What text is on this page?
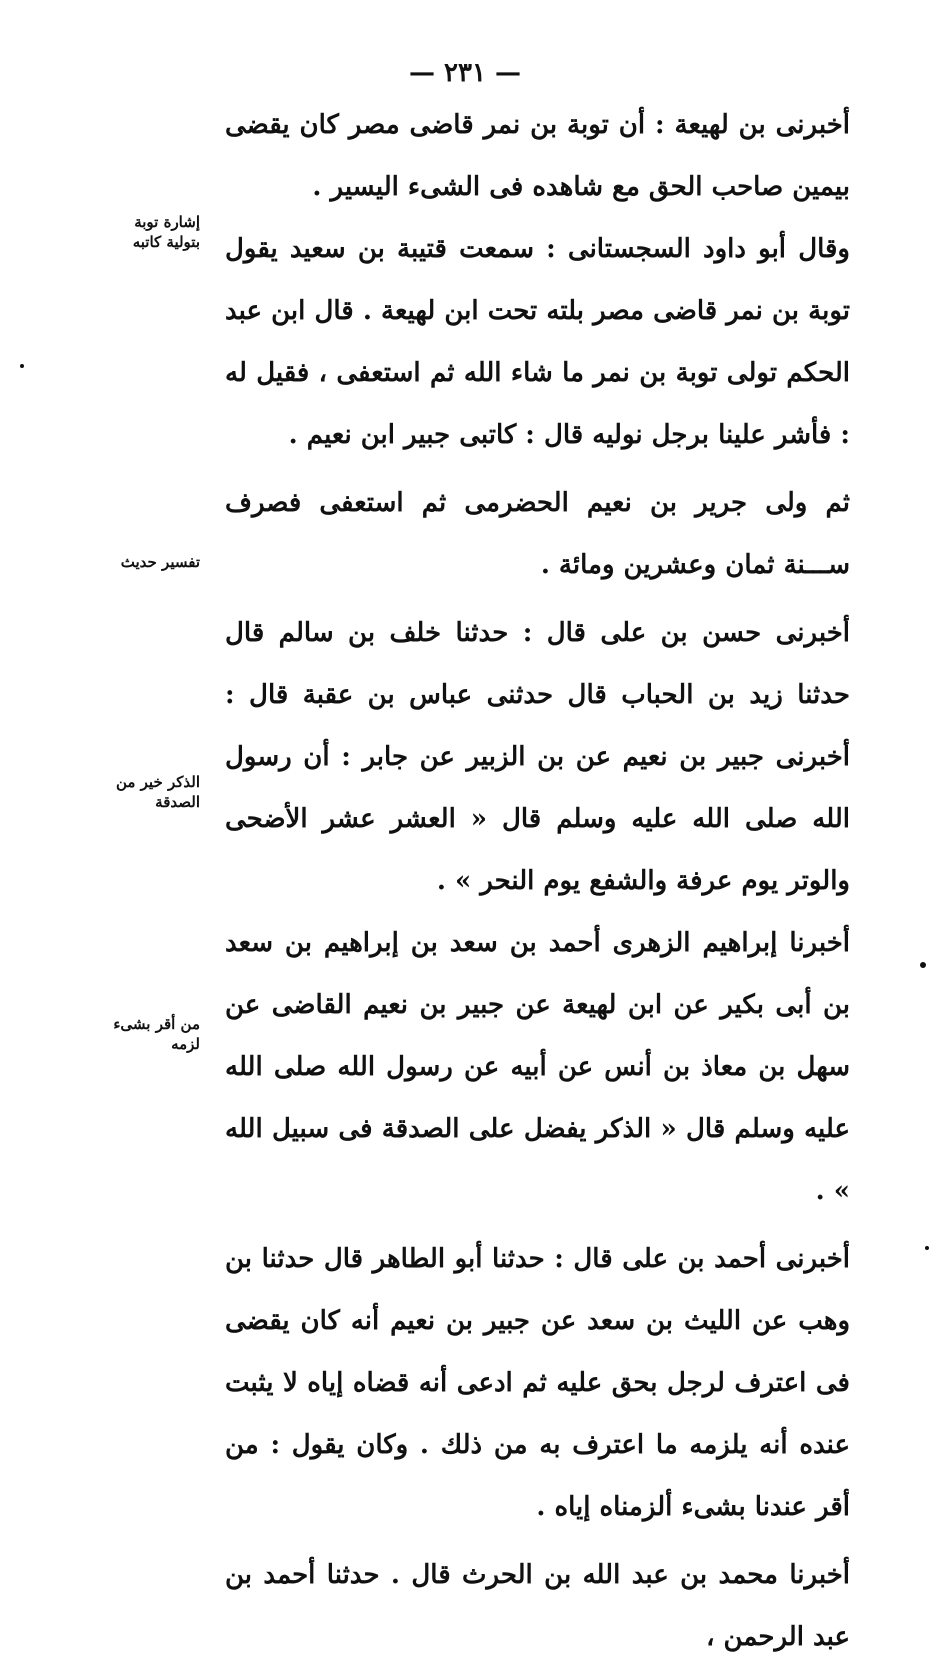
— ٢٣١ —

أخبرنى بن لهيعة : أن توبة بن نمر قاضى مصر كان يقضى بيمين صاحب الحق مع شاهده فى الشىء اليسير .

وقال أبو داود السجستانى : سمعت قتيبة بن سعيد يقول توبة بن نمر قاضى مصر بلته تحت ابن لهيعة . قال ابن عبد الحكم تولى توبة بن نمر ما شاء الله ثم استعفى ، فقيل له : فأشر علينا برجل نوليه قال : كاتبى جبير ابن نعيم .

ثم ولى جرير بن نعيم الحضرمى ثم استعفى فصرف ســـنة ثمان وعشرين ومائة .

أخبرنى حسن بن على قال : حدثنا خلف بن سالم قال حدثنا زيد بن الحباب قال حدثنى عباس بن عقبة قال : أخبرنى جبير بن نعيم عن بن الزبير عن جابر : أن رسول الله صلى الله عليه وسلم قال « العشر عشر الأضحى والوتر يوم عرفة والشفع يوم النحر » .

أخبرنا إبراهيم الزهرى أحمد بن سعد بن إبراهيم بن سعد بن أبى بكير عن ابن لهيعة عن جبير بن نعيم القاضى عن سهل بن معاذ بن أنس عن أبيه عن رسول الله صلى الله عليه وسلم قال « الذكر يفضل على الصدقة فى سبيل الله » .

أخبرنى أحمد بن على قال : حدثنا أبو الطاهر قال حدثنا بن وهب عن الليث بن سعد عن جبير بن نعيم أنه كان يقضى فى اعترف لرجل بحق عليه ثم ادعى أنه قضاه إياه لا يثبت عنده أنه يلزمه ما اعترف به من ذلك . وكان يقول : من أقر عندنا بشىء ألزمناه إياه .

أخبرنا محمد بن عبد الله بن الحرث قال . حدثنا أحمد بن عبد الرحمن ،

إشارة توبة بتولية كاتبه
تفسير حديث
الذكر خير من الصدقة
من أقر بشىء لزمه
